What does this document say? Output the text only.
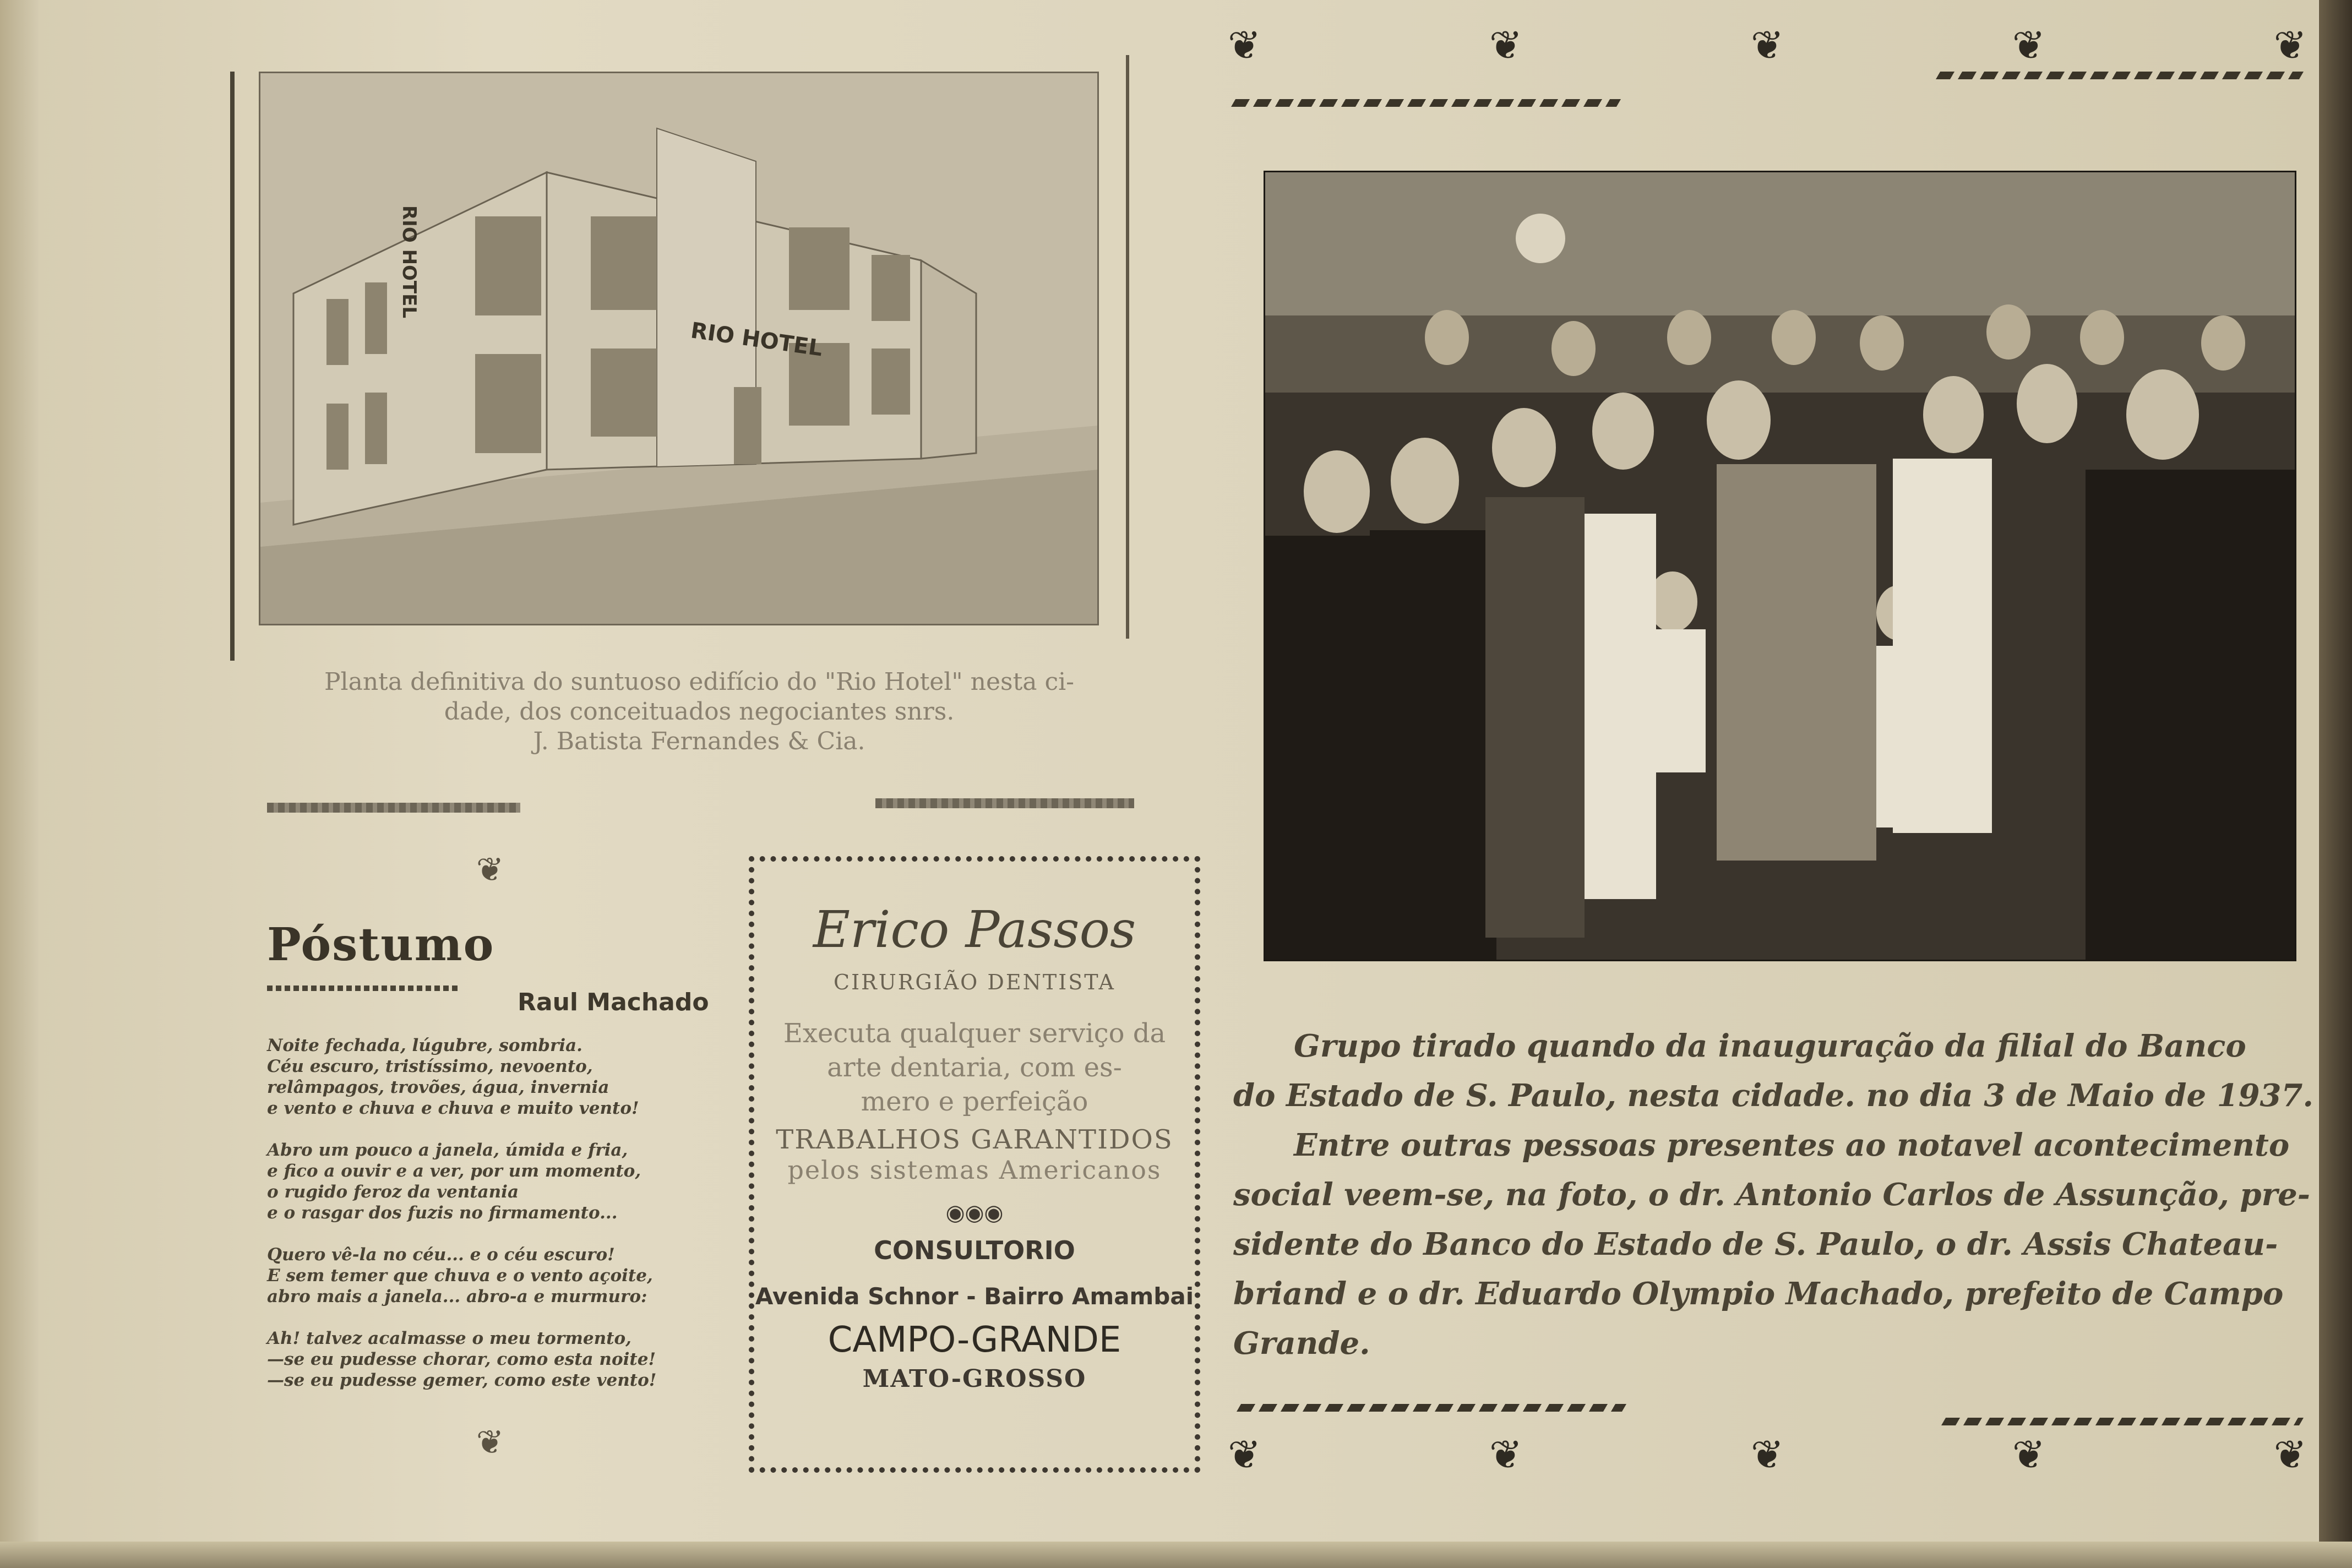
RIO HOTEL
RIO HOTEL
Planta definitiva do suntuoso edifício do "Rio Hotel" nesta ci-
dade, dos conceituados negociantes snrs.
J. Batista Fernandes & Cia.
❦
Póstumo
Raul Machado
Noite fechada, lúgubre, sombria.
Céu escuro, tristíssimo, nevoento,
relâmpagos, trovões, água, invernia
e vento e chuva e chuva e muito vento!
Abro um pouco a janela, úmida e fria,
e fico a ouvir e a ver, por um momento,
o rugido feroz da ventania
e o rasgar dos fuzis no firmamento...
Quero vê-la no céu... e o céu escuro!
E sem temer que chuva e o vento açoite,
abro mais a janela... abro-a e murmuro:
Ah! talvez acalmasse o meu tormento,
—se eu pudesse chorar, como esta noite!
—se eu pudesse gemer, como este vento!
❦
Erico Passos
CIRURGIÃO DENTISTA
Executa qualquer serviço da
arte dentaria, com es-
mero e perfeição
TRABALHOS GARANTIDOS
pelos sistemas Americanos
◉◉◉
CONSULTORIO
Avenida Schnor - Bairro Amambai
CAMPO-GRANDE
MATO-GROSSO
❦	❦	❦	❦	❦
Grupo tirado quando da inauguração da filial do Banco
do Estado de S. Paulo, nesta cidade. no dia 3 de Maio de 1937.
Entre outras pessoas presentes ao notavel acontecimento
social veem-se, na foto, o dr. Antonio Carlos de Assunção, pre-
sidente do Banco do Estado de S. Paulo, o dr. Assis Chateau-
briand e o dr. Eduardo Olympio Machado, prefeito de Campo
Grande.
❦	❦	❦	❦	❦
